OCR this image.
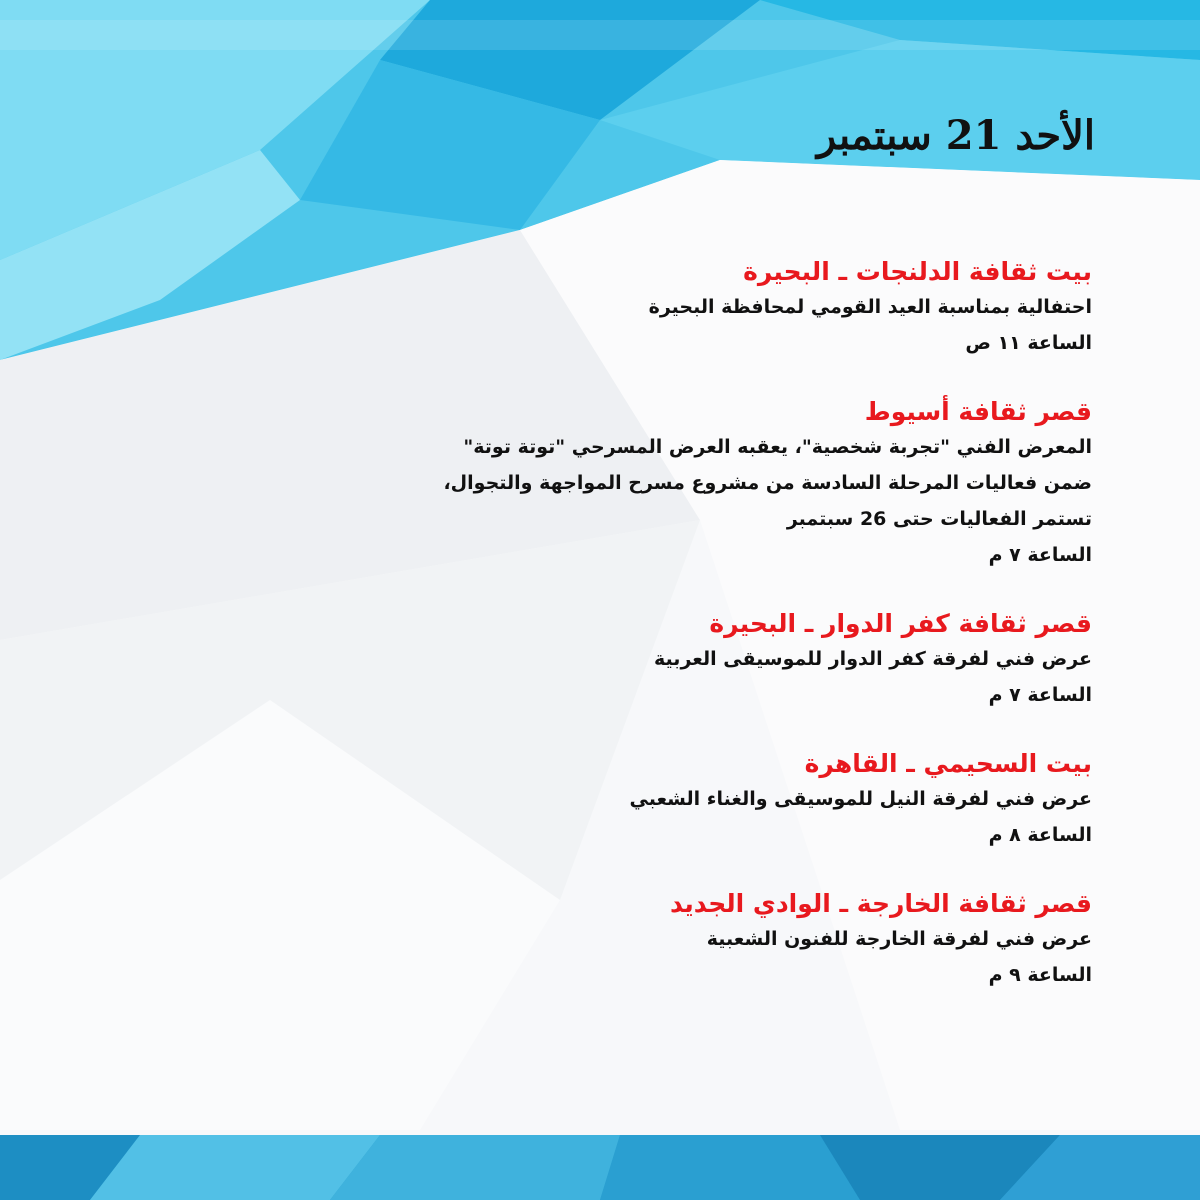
الأحد 21 سبتمبر
بيت ثقافة الدلنجات ـ البحيرة
احتفالية بمناسبة العيد القومي لمحافظة البحيرة
الساعة ١١ ص
قصر ثقافة أسيوط
المعرض الفني "تجربة شخصية"، يعقبه العرض المسرحي "توتة توتة"
ضمن فعاليات المرحلة السادسة من مشروع مسرح المواجهة والتجوال،
تستمر الفعاليات حتى 26 سبتمبر
الساعة ٧ م
قصر ثقافة كفر الدوار ـ البحيرة
عرض فني لفرقة كفر الدوار للموسيقى العربية
الساعة ٧ م
بيت السحيمي ـ القاهرة
عرض فني لفرقة النيل للموسيقى والغناء الشعبي
الساعة ٨ م
قصر ثقافة الخارجة ـ الوادي الجديد
عرض فني لفرقة الخارجة للفنون الشعبية
الساعة ٩ م
